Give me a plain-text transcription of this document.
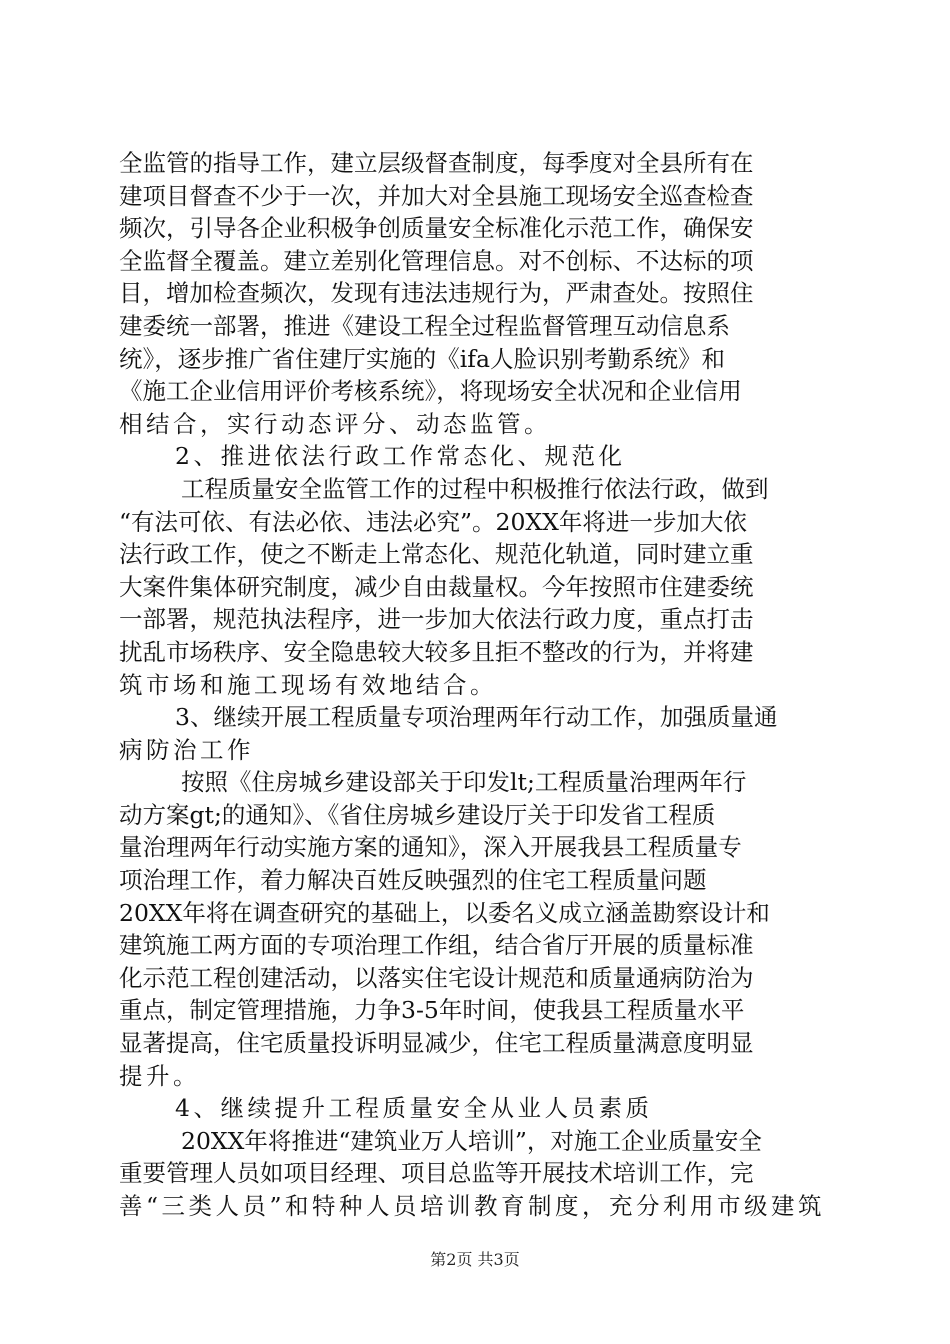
全监管的指导工作，建立层级督查制度，每季度对全县所有在
建项目督查不少于一次，并加大对全县施工现场安全巡查检查
频次，引导各企业积极争创质量安全标准化示范工作，确保安
全监督全覆盖。建立差别化管理信息。对不创标、不达标的项
目，增加检查频次，发现有违法违规行为，严肃查处。按照住
建委统一部署，推进《建设工程全过程监督管理互动信息系
统》，逐步推广省住建厅实施的《ifa人脸识别考勤系统》和
《施工企业信用评价考核系统》，将现场安全状况和企业信用
相结合，实行动态评分、动态监管。
2、推进依法行政工作常态化、规范化
工程质量安全监管工作的过程中积极推行依法行政，做到
“有法可依、有法必依、违法必究”。20XX年将进一步加大依
法行政工作，使之不断走上常态化、规范化轨道，同时建立重
大案件集体研究制度，减少自由裁量权。今年按照市住建委统
一部署，规范执法程序，进一步加大依法行政力度，重点打击
扰乱市场秩序、安全隐患较大较多且拒不整改的行为，并将建
筑市场和施工现场有效地结合。
3、继续开展工程质量专项治理两年行动工作，加强质量通
病防治工作
按照《住房城乡建设部关于印发lt;工程质量治理两年行
动方案gt;的通知》、《省住房城乡建设厅关于印发省工程质
量治理两年行动实施方案的通知》，深入开展我县工程质量专
项治理工作，着力解决百姓反映强烈的住宅工程质量问题
20XX年将在调查研究的基础上，以委名义成立涵盖勘察设计和
建筑施工两方面的专项治理工作组，结合省厅开展的质量标准
化示范工程创建活动，以落实住宅设计规范和质量通病防治为
重点，制定管理措施，力争3-5年时间，使我县工程质量水平
显著提高，住宅质量投诉明显减少，住宅工程质量满意度明显
提升。
4、继续提升工程质量安全从业人员素质
20XX年将推进“建筑业万人培训”，对施工企业质量安全
重要管理人员如项目经理、项目总监等开展技术培训工作，完
善“三类人员”和特种人员培训教育制度，充分利用市级建筑
第2页 共3页
